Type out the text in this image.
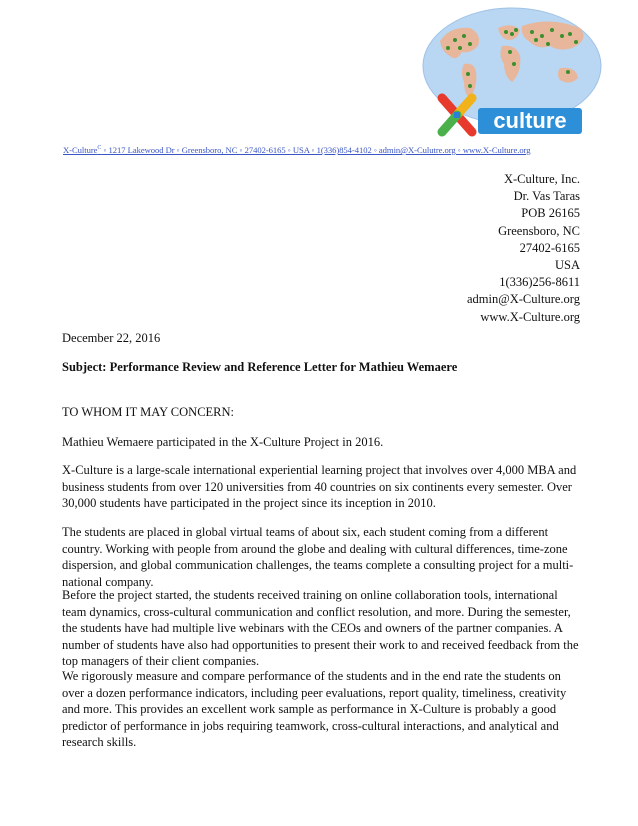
culture
X-Culture$^C$ ◦ 1217 Lakewood Dr ◦ Greensboro, NC ◦ 27402-6165 ◦ USA ◦ 1(336)854-4102 ◦ admin@X-Culutre.org ◦ www.X-Culture.org
X-Culture, Inc.
Dr. Vas Taras
POB 26165
Greensboro, NC
27402-6165
USA
1(336)256-8611
admin@X-Culture.org
www.X-Culture.org
December 22, 2016
Subject: Performance Review and Reference Letter for Mathieu Wemaere
TO WHOM IT MAY CONCERN:
Mathieu Wemaere participated in the X-Culture Project in 2016.
X-Culture is a large-scale international experiential learning project that involves over 4,000 MBA and business students from over 120 universities from 40 countries on six continents every semester. Over 30,000 students have participated in the project since its inception in 2010.
The students are placed in global virtual teams of about six, each student coming from a different country. Working with people from around the globe and dealing with cultural differences, time-zone dispersion, and global communication challenges, the teams complete a consulting project for a multi-national company.
Before the project started, the students received training on online collaboration tools, international team dynamics, cross-cultural communication and conflict resolution, and more. During the semester, the students have had multiple live webinars with the CEOs and owners of the partner companies. A number of students have also had opportunities to present their work to and received feedback from the top managers of their client companies.
We rigorously measure and compare performance of the students and in the end rate the students on over a dozen performance indicators, including peer evaluations, report quality, timeliness, creativity and more. This provides an excellent work sample as performance in X-Culture is probably a good predictor of performance in jobs requiring teamwork, cross-cultural interactions, and analytical and research skills.
